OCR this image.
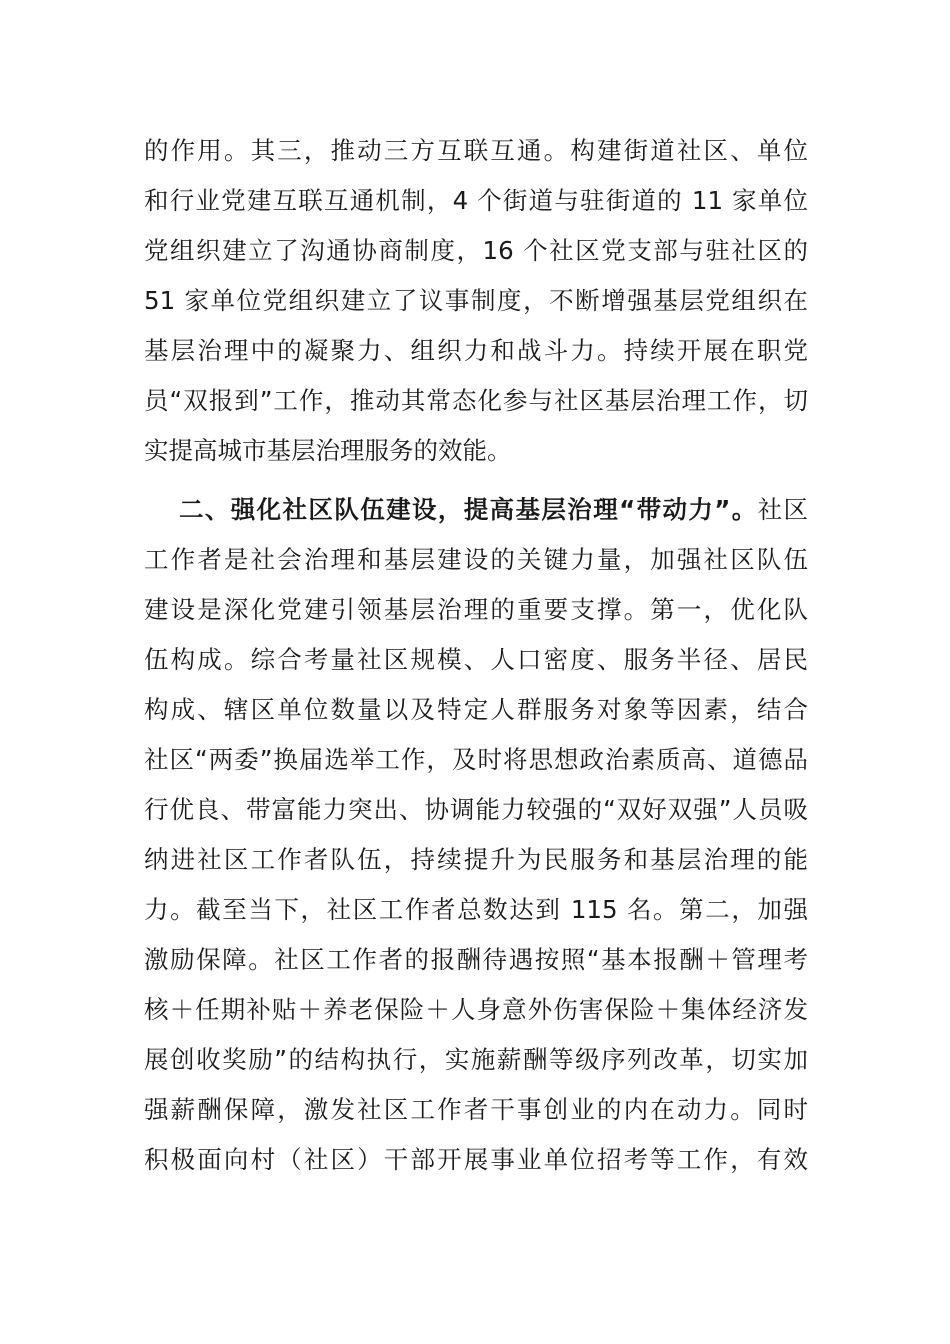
的作用。其三，推动三方互联互通。构建街道社区、单位
和行业党建互联互通机制，4 个街道与驻街道的 11 家单位
党组织建立了沟通协商制度，16 个社区党支部与驻社区的
51 家单位党组织建立了议事制度，不断增强基层党组织在
基层治理中的凝聚力、组织力和战斗力。持续开展在职党
员“双报到”工作，推动其常态化参与社区基层治理工作，切
实提高城市基层治理服务的效能。
二、强化社区队伍建设，提高基层治理“带动力”。社区
工作者是社会治理和基层建设的关键力量，加强社区队伍
建设是深化党建引领基层治理的重要支撑。第一，优化队
伍构成。综合考量社区规模、人口密度、服务半径、居民
构成、辖区单位数量以及特定人群服务对象等因素，结合
社区“两委”换届选举工作，及时将思想政治素质高、道德品
行优良、带富能力突出、协调能力较强的“双好双强”人员吸
纳进社区工作者队伍，持续提升为民服务和基层治理的能
力。截至当下，社区工作者总数达到 115 名。第二，加强
激励保障。社区工作者的报酬待遇按照“基本报酬＋管理考
核＋任期补贴＋养老保险＋人身意外伤害保险＋集体经济发
展创收奖励”的结构执行，实施薪酬等级序列改革，切实加
强薪酬保障，激发社区工作者干事创业的内在动力。同时
积极面向村（社区）干部开展事业单位招考等工作，有效
